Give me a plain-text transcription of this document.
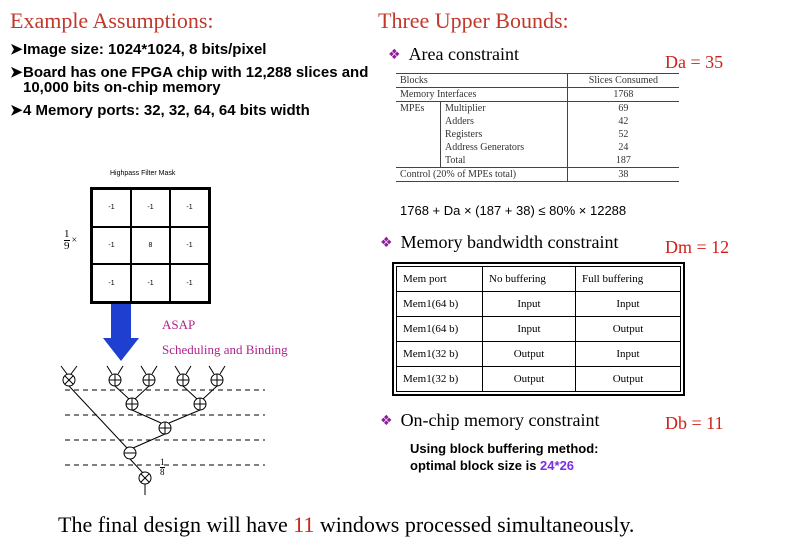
Example Assumptions:
➤ Image size: 1024*1024, 8 bits/pixel
➤ Board has one FPGA chip with 12,288 slices and 10,000 bits on-chip memory
➤ 4 Memory ports: 32, 32, 64, 64 bits width
Highpass Filter Mask
$\frac{1}{9}$ ×
-1	-1	-1
-1	8	-1
-1	-1	-1
ASAP
Scheduling and Binding
$\frac{1}{8}$
Three Upper Bounds:
❖ Area constraint	Da = 35
Blocks		Slices Consumed
Memory Interfaces		1768
MPEs	Multiplier	69
	Adders	42
	Registers	52
	Address Generators	24
	Total	187
Control (20% of MPEs total)		38
1768 + Da × (187 + 38) ≤ 80% × 12288
❖ Memory bandwidth constraint	Dm = 12
Mem port	No buffering	Full buffering
Mem1(64 b)	Input	Input
Mem1(64 b)	Input	Output
Mem1(32 b)	Output	Input
Mem1(32 b)	Output	Output
❖ On-chip memory constraint	Db = 11
Using block buffering method:
optimal block size is 24*26
The final design will have 11 windows processed simultaneously.
